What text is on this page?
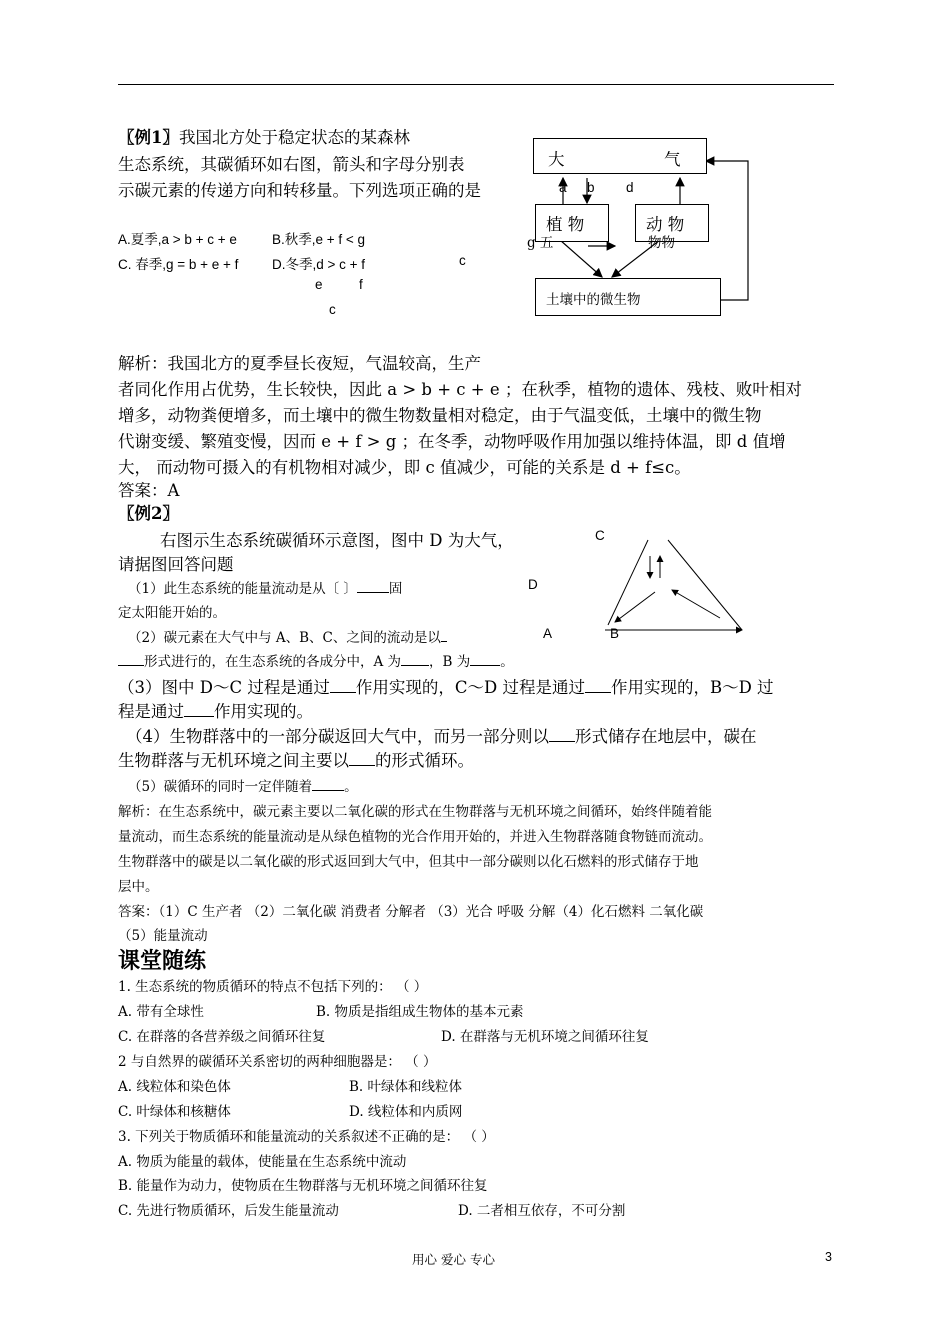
〖例1〗我国北方处于稳定状态的某森林
生态系统，其碳循环如右图，箭头和字母分别表
示碳元素的传递方向和转移量。下列选项正确的是
A.夏季,a > b + c + e	B.秋季,e + f < g
C. 春季,g = b + e + f D.冬季,d > c + f	c
e	f
c
大	气
a b d
植 物
g 五
动 物
物物
土壤中的微生物
解析：我国北方的夏季昼长夜短，气温较高，生产
者同化作用占优势，生长较快，因此 a > b + c + e ；在秋季，植物的遗体、残枝、败叶相对
增多，动物粪便增多，而土壤中的微生物数量相对稳定，由于气温变低，土壤中的微生物
代谢变缓、繁殖变慢，因而 e + f > g ；在冬季，动物呼吸作用加强以维持体温，即 d 值增
大， 而动物可摄入的有机物相对减少，即 c 值减少，可能的关系是 d + f≤c。
答案：A
〖例2〗
右图示生态系统碳循环示意图，图中 D 为大气，
请据图回答问题
（1）此生态系统的能量流动是从〔 〕 固
定太阳能开始的。
（2）碳元素在大气中与 A、B、C、之间的流动是以
形式进行的，在生态系统的各成分中，A 为 ，B 为 。
（3）图中 D～C 过程是通过 作用实现的，C～D 过程是通过 作用实现的，B～D 过
程是通过 作用实现的。
（4）生物群落中的一部分碳返回大气中，而另一部分则以 形式储存在地层中，碳在
生物群落与无机环境之间主要以 的形式循环。
（5）碳循环的同时一定伴随着 。
C
D
A	B
解析：在生态系统中，碳元素主要以二氧化碳的形式在生物群落与无机环境之间循环，始终伴随着能
量流动，而生态系统的能量流动是从绿色植物的光合作用开始的，并进入生物群落随食物链而流动。
生物群落中的碳是以二氧化碳的形式返回到大气中，但其中一部分碳则以化石燃料的形式储存于地
层中。
答案：（1）C 生产者 （2）二氧化碳 消费者 分解者 （3）光合 呼吸 分解（4）化石燃料 二氧化碳
（5）能量流动
课堂随练
1. 生态系统的物质循环的特点不包括下列的： （ ）
A. 带有全球性	B. 物质是指组成生物体的基本元素
C. 在群落的各营养级之间循环往复	D. 在群落与无机环境之间循环往复
2 与自然界的碳循环关系密切的两种细胞器是： （ ）
A. 线粒体和染色体	B. 叶绿体和线粒体
C. 叶绿体和核糖体	D. 线粒体和内质网
3. 下列关于物质循环和能量流动的关系叙述不正确的是： （ ）
A. 物质为能量的载体，使能量在生态系统中流动
B. 能量作为动力，使物质在生物群落与无机环境之间循环往复
C. 先进行物质循环，后发生能量流动	D. 二者相互依存，不可分割
用心 爱心 专心	3
